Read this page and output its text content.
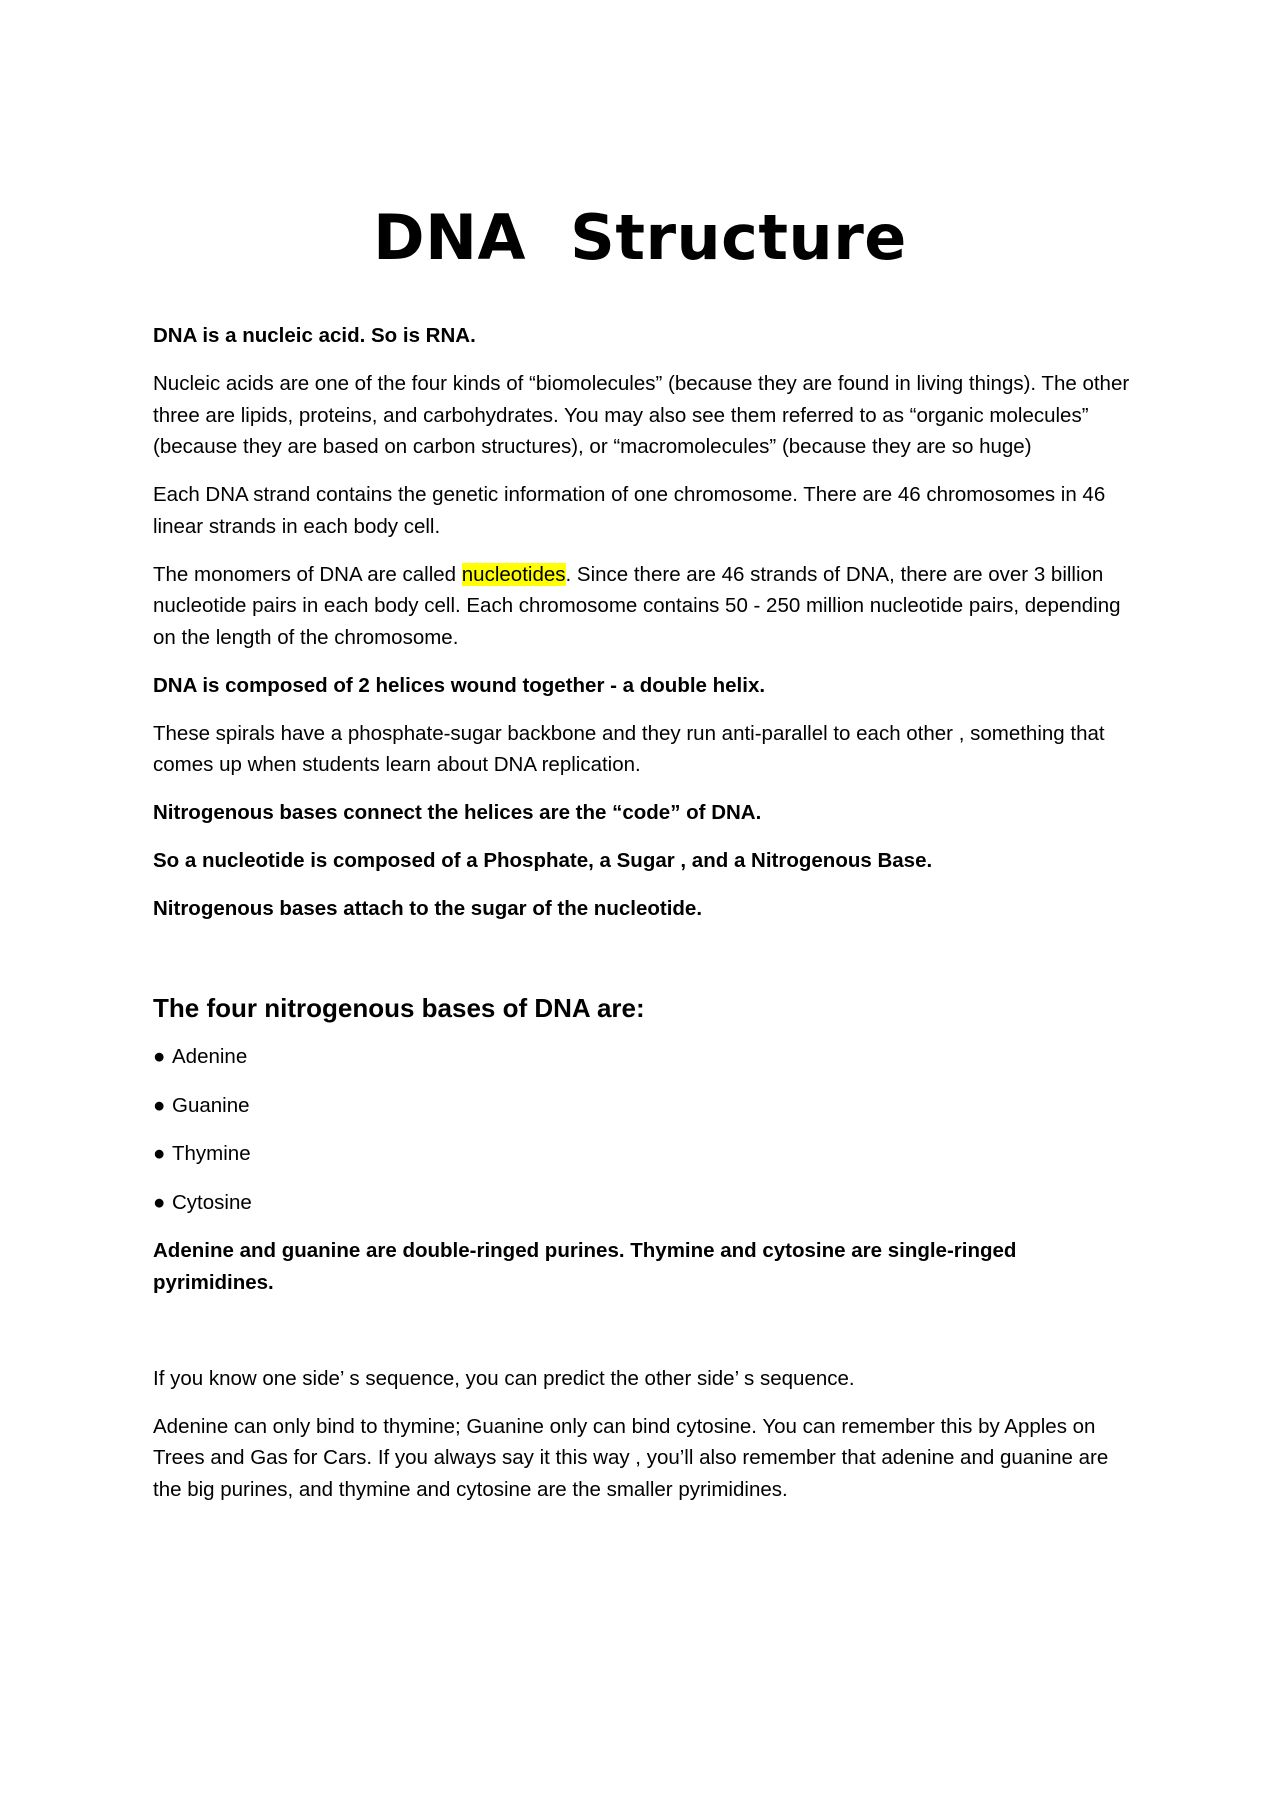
DNA  Structure

DNA is a nucleic acid. So is RNA.

Nucleic acids are one of the four kinds of “biomolecules” (because they are found in living things). The other three are lipids, proteins, and carbohydrates. You may also see them referred to as “organic molecules” (because they are based on carbon structures), or “macromolecules” (because they are so huge)

Each DNA strand contains the genetic information of one chromosome. There are 46 chromosomes in 46 linear strands in each body cell.

The monomers of DNA are called nucleotides. Since there are 46 strands of DNA, there are over 3 billion nucleotide pairs in each body cell. Each chromosome contains 50 - 250 million nucleotide pairs, depending on the length of the chromosome.

DNA is composed of 2 helices wound together - a double helix.

These spirals have a phosphate-sugar backbone and they run anti-parallel to each other , something that comes up when students learn about DNA replication.

Nitrogenous bases connect the helices are the “code” of DNA.

So a nucleotide is composed of a Phosphate, a Sugar , and a Nitrogenous Base.

Nitrogenous bases attach to the sugar of the nucleotide.

The four nitrogenous bases of DNA are:
● Adenine
● Guanine
● Thymine
● Cytosine

Adenine and guanine are double-ringed purines. Thymine and cytosine are single-ringed pyrimidines.

If you know one side’ s sequence, you can predict the other side’ s sequence.

Adenine can only bind to thymine; Guanine only can bind cytosine. You can remember this by Apples on Trees and Gas for Cars. If you always say it this way , you’ll also remember that adenine and guanine are the big purines, and thymine and cytosine are the smaller pyrimidines.
